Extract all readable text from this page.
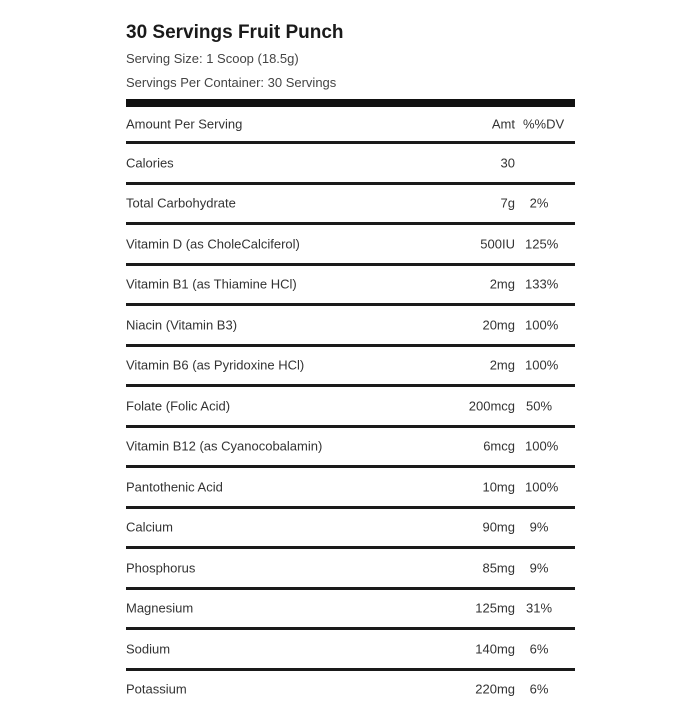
30 Servings Fruit Punch
Serving Size: 1 Scoop (18.5g)
Servings Per Container: 30 Servings
Amount Per Serving	Amt %%DV
Calories	30
Total Carbohydrate	7g	2%
Vitamin D (as CholeCalciferol)	500IU 125%
Vitamin B1 (as Thiamine HCl)	2mg 133%
Niacin (Vitamin B3)	20mg 100%
Vitamin B6 (as Pyridoxine HCl)	2mg 100%
Folate (Folic Acid)	200mcg 50%
Vitamin B12 (as Cyanocobalamin)	6mcg 100%
Pantothenic Acid	10mg 100%
Calcium	90mg	9%
Phosphorus	85mg	9%
Magnesium	125mg 31%
Sodium	140mg	6%
Potassium	220mg	6%
